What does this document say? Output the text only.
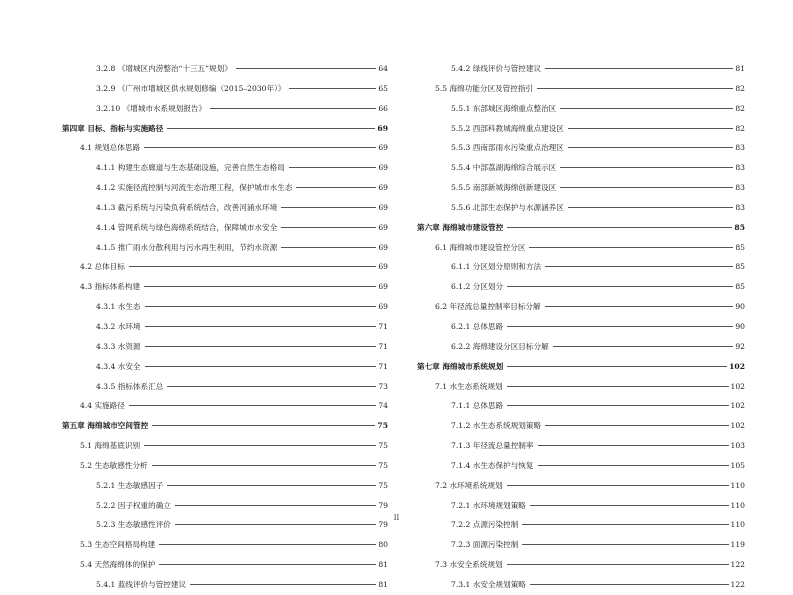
3.2.8 《增城区内涝整治“十三五”规划》	64
3.2.9 《广州市增城区供水规划修编（2015–2030年）》	65
3.2.10 《增城市水系规划报告》	66
第四章 目标、指标与实施路径	69
4.1 规划总体思路	69
4.1.1 构建生态廊道与生态基础设施，完善自然生态格局	69
4.1.2 实施径流控制与河流生态治理工程，保护城市水生态	69
4.1.3 截污系统与污染负荷系统结合，改善河涌水环境	69
4.1.4 管网系统与绿色海绵系统结合，保障城市水安全	69
4.1.5 推广雨水分散利用与污水再生利用，节约水资源	69
4.2 总体目标	69
4.3 指标体系构建	69
4.3.1 水生态	69
4.3.2 水环境	71
4.3.3 水资源	71
4.3.4 水安全	71
4.3.5 指标体系汇总	73
4.4 实施路径	74
第五章 海绵城市空间管控	75
5.1 海绵基底识别	75
5.2 生态敏感性分析	75
5.2.1 生态敏感因子	75
5.2.2 因子权重的确立	79
5.2.3 生态敏感性评价	79
5.3 生态空间格局构建	80
5.4 天然海绵体的保护	81
5.4.1 蓝线评价与管控建议	81
5.4.2 绿线评价与管控建议	81
5.5 海绵功能分区及管控指引	82
5.5.1 东部城区海绵重点整治区	82
5.5.2 西部科教城海绵重点建设区	82
5.5.3 西南部雨水污染重点治理区	83
5.5.4 中部荔湖海绵综合展示区	83
5.5.5 南部新城海绵创新建设区	83
5.5.6 北部生态保护与水源涵养区	83
第六章 海绵城市建设管控	85
6.1 海绵城市建设管控分区	85
6.1.1 分区划分原则和方法	85
6.1.2 分区划分	85
6.2 年径流总量控制率目标分解	90
6.2.1 总体思路	90
6.2.2 海绵建设分区目标分解	92
第七章 海绵城市系统规划	102
7.1 水生态系统规划	102
7.1.1 总体思路	102
7.1.2 水生态系统规划策略	102
7.1.3 年径流总量控制率	103
7.1.4 水生态保护与恢复	105
7.2 水环境系统规划	110
7.2.1 水环境规划策略	110
7.2.2 点源污染控制	110
7.2.3 面源污染控制	119
7.3 水安全系统规划	122
7.3.1 水安全规划策略	122
II
